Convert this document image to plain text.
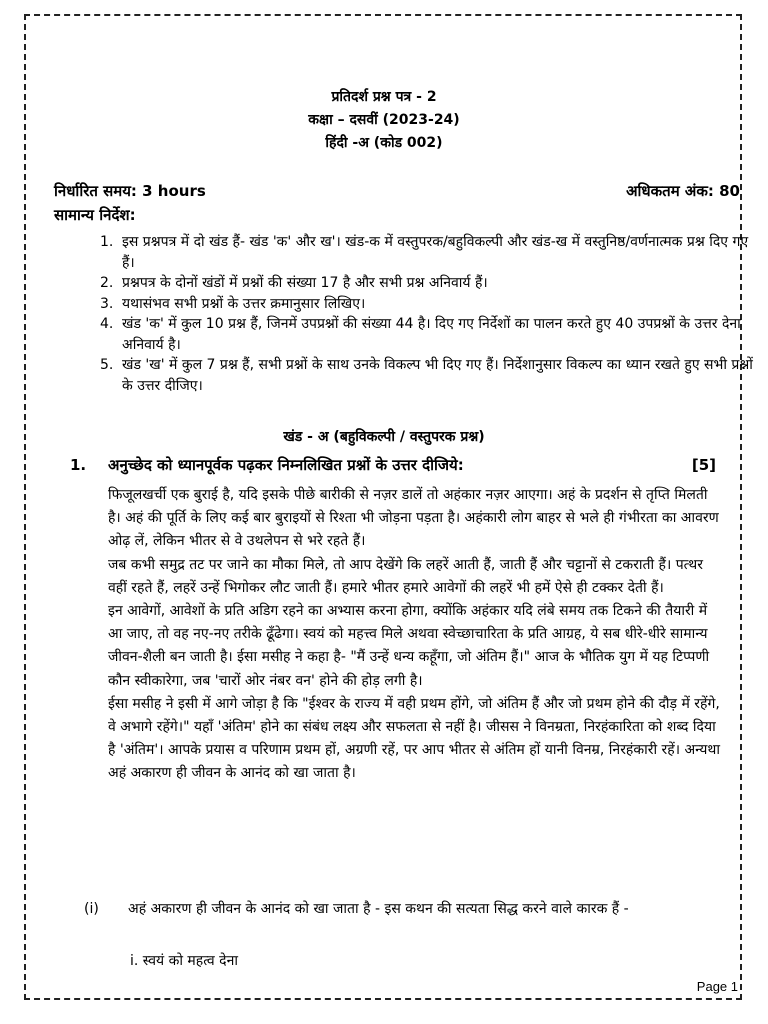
प्रतिदर्श प्रश्न पत्र - 2
कक्षा – दसवीं (2023-24)
हिंदी -अ (कोड 002)
निर्धारित समय: 3 hours	अधिकतम अंक: 80
सामान्य निर्देश:
1. इस प्रश्नपत्र में दो खंड हैं- खंड 'क' और ख'। खंड-क में वस्तुपरक/बहुविकल्पी और खंड-ख में वस्तुनिष्ठ/वर्णनात्मक प्रश्न दिए गए हैं।
2. प्रश्नपत्र के दोनों खंडों में प्रश्नों की संख्या 17 है और सभी प्रश्न अनिवार्य हैं।
3. यथासंभव सभी प्रश्नों के उत्तर क्रमानुसार लिखिए।
4. खंड 'क' में कुल 10 प्रश्न हैं, जिनमें उपप्रश्नों की संख्या 44 है। दिए गए निर्देशों का पालन करते हुए 40 उपप्रश्नों के उत्तर देना अनिवार्य है।
5. खंड 'ख' में कुल 7 प्रश्न हैं, सभी प्रश्नों के साथ उनके विकल्प भी दिए गए हैं। निर्देशानुसार विकल्प का ध्यान रखते हुए सभी प्रश्नों के उत्तर दीजिए।
खंड - अ (बहुविकल्पी / वस्तुपरक प्रश्न)
1.	अनुच्छेद को ध्यानपूर्वक पढ़कर निम्नलिखित प्रश्नों के उत्तर दीजिये:	[5]

फिजूलखर्ची एक बुराई है, यदि इसके पीछे बारीकी से नज़र डालें तो अहंकार नज़र आएगा। अहं के प्रदर्शन से तृप्ति मिलती है। अहं की पूर्ति के लिए कई बार बुराइयों से रिश्ता भी जोड़ना पड़ता है। अहंकारी लोग बाहर से भले ही गंभीरता का आवरण ओढ़ लें, लेकिन भीतर से वे उथलेपन से भरे रहते हैं।

जब कभी समुद्र तट पर जाने का मौका मिले, तो आप देखेंगे कि लहरें आती हैं, जाती हैं और चट्टानों से टकराती हैं। पत्थर वहीं रहते हैं, लहरें उन्हें भिगोकर लौट जाती हैं। हमारे भीतर हमारे आवेगों की लहरें भी हमें ऐसे ही टक्कर देती हैं।

इन आवेगों, आवेशों के प्रति अडिग रहने का अभ्यास करना होगा, क्योंकि अहंकार यदि लंबे समय तक टिकने की तैयारी में आ जाए, तो वह नए-नए तरीके ढूँढेगा। स्वयं को महत्त्व मिले अथवा स्वेच्छाचारिता के प्रति आग्रह, ये सब धीरे-धीरे सामान्य जीवन-शैली बन जाती है। ईसा मसीह ने कहा है- "मैं उन्हें धन्य कहूँगा, जो अंतिम हैं।" आज के भौतिक युग में यह टिप्पणी कौन स्वीकारेगा, जब 'चारों ओर नंबर वन' होने की होड़ लगी है।

ईसा मसीह ने इसी में आगे जोड़ा है कि "ईश्वर के राज्य में वही प्रथम होंगे, जो अंतिम हैं और जो प्रथम होने की दौड़ में रहेंगे, वे अभागे रहेंगे।" यहाँ 'अंतिम' होने का संबंध लक्ष्य और सफलता से नहीं है। जीसस ने विनम्रता, निरहंकारिता को शब्द दिया है 'अंतिम'। आपके प्रयास व परिणाम प्रथम हों, अग्रणी रहें, पर आप भीतर से अंतिम हों यानी विनम्र, निरहंकारी रहें। अन्यथा अहं अकारण ही जीवन के आनंद को खा जाता है।

(i)	अहं अकारण ही जीवन के आनंद को खा जाता है - इस कथन की सत्यता सिद्ध करने वाले कारक हैं -
i. स्वयं को महत्व देना
Page 1
